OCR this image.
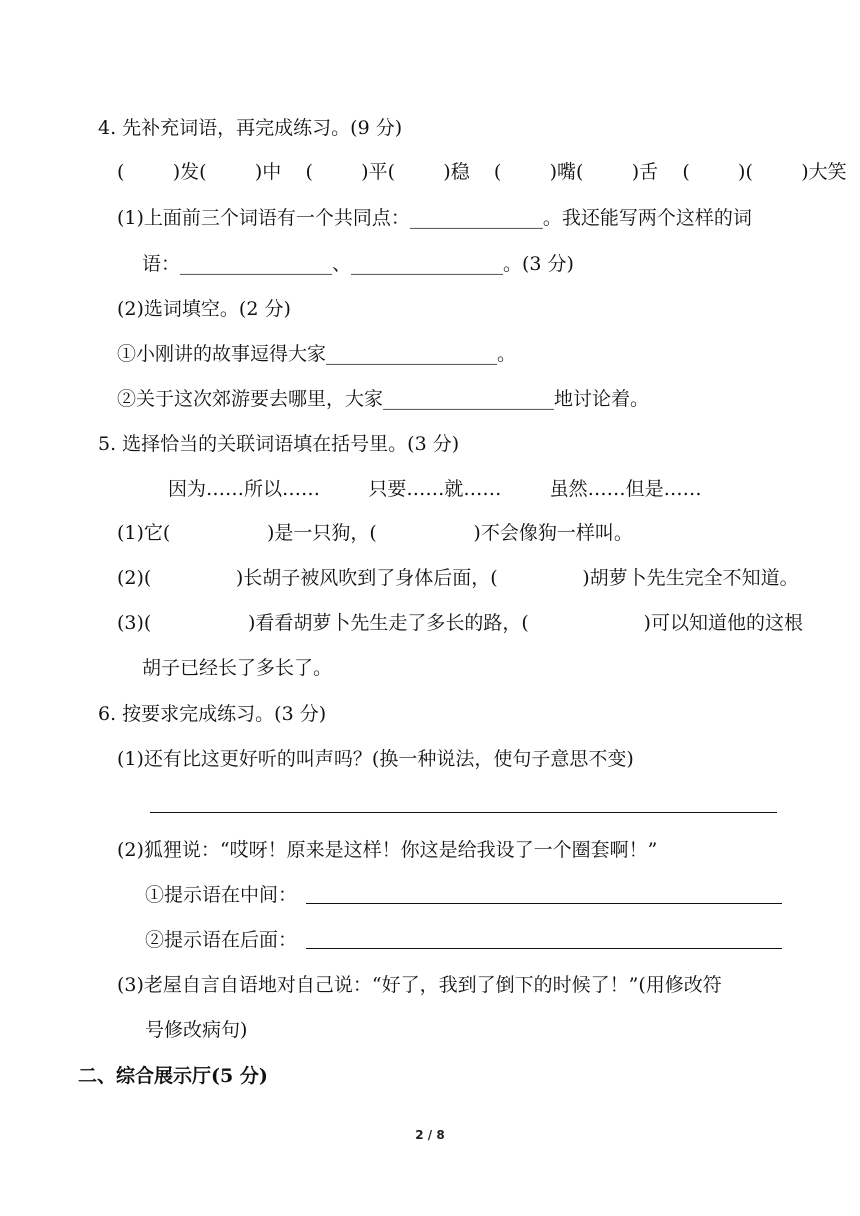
4. 先补充词语，再完成练习。(9 分)
(        )发(        )中    (        )平(        )稳    (        )嘴(        )舌    (        )(        )大笑
(1)上面前三个词语有一个共同点：______________。我还能写两个这样的词
语：________________、________________。(3 分)
(2)选词填空。(2 分)
①小刚讲的故事逗得大家__________________。
②关于这次郊游要去哪里，大家__________________地讨论着。
5. 选择恰当的关联词语填在括号里。(3 分)
因为……所以……        只要……就……        虽然……但是……
(1)它(                )是一只狗，(                )不会像狗一样叫。
(2)(              )长胡子被风吹到了身体后面，(              )胡萝卜先生完全不知道。
(3)(                )看看胡萝卜先生走了多长的路，(                   )可以知道他的这根
胡子已经长了多长了。
6. 按要求完成练习。(3 分)
(1)还有比这更好听的叫声吗？(换一种说法，使句子意思不变)
(2)狐狸说：“哎呀！原来是这样！你这是给我设了一个圈套啊！”
①提示语在中间：
②提示语在后面：
(3)老屋自言自语地对自己说：“好了，我到了倒下的时候了！”(用修改符
号修改病句)
二、综合展示厅(5 分)
2 / 8
